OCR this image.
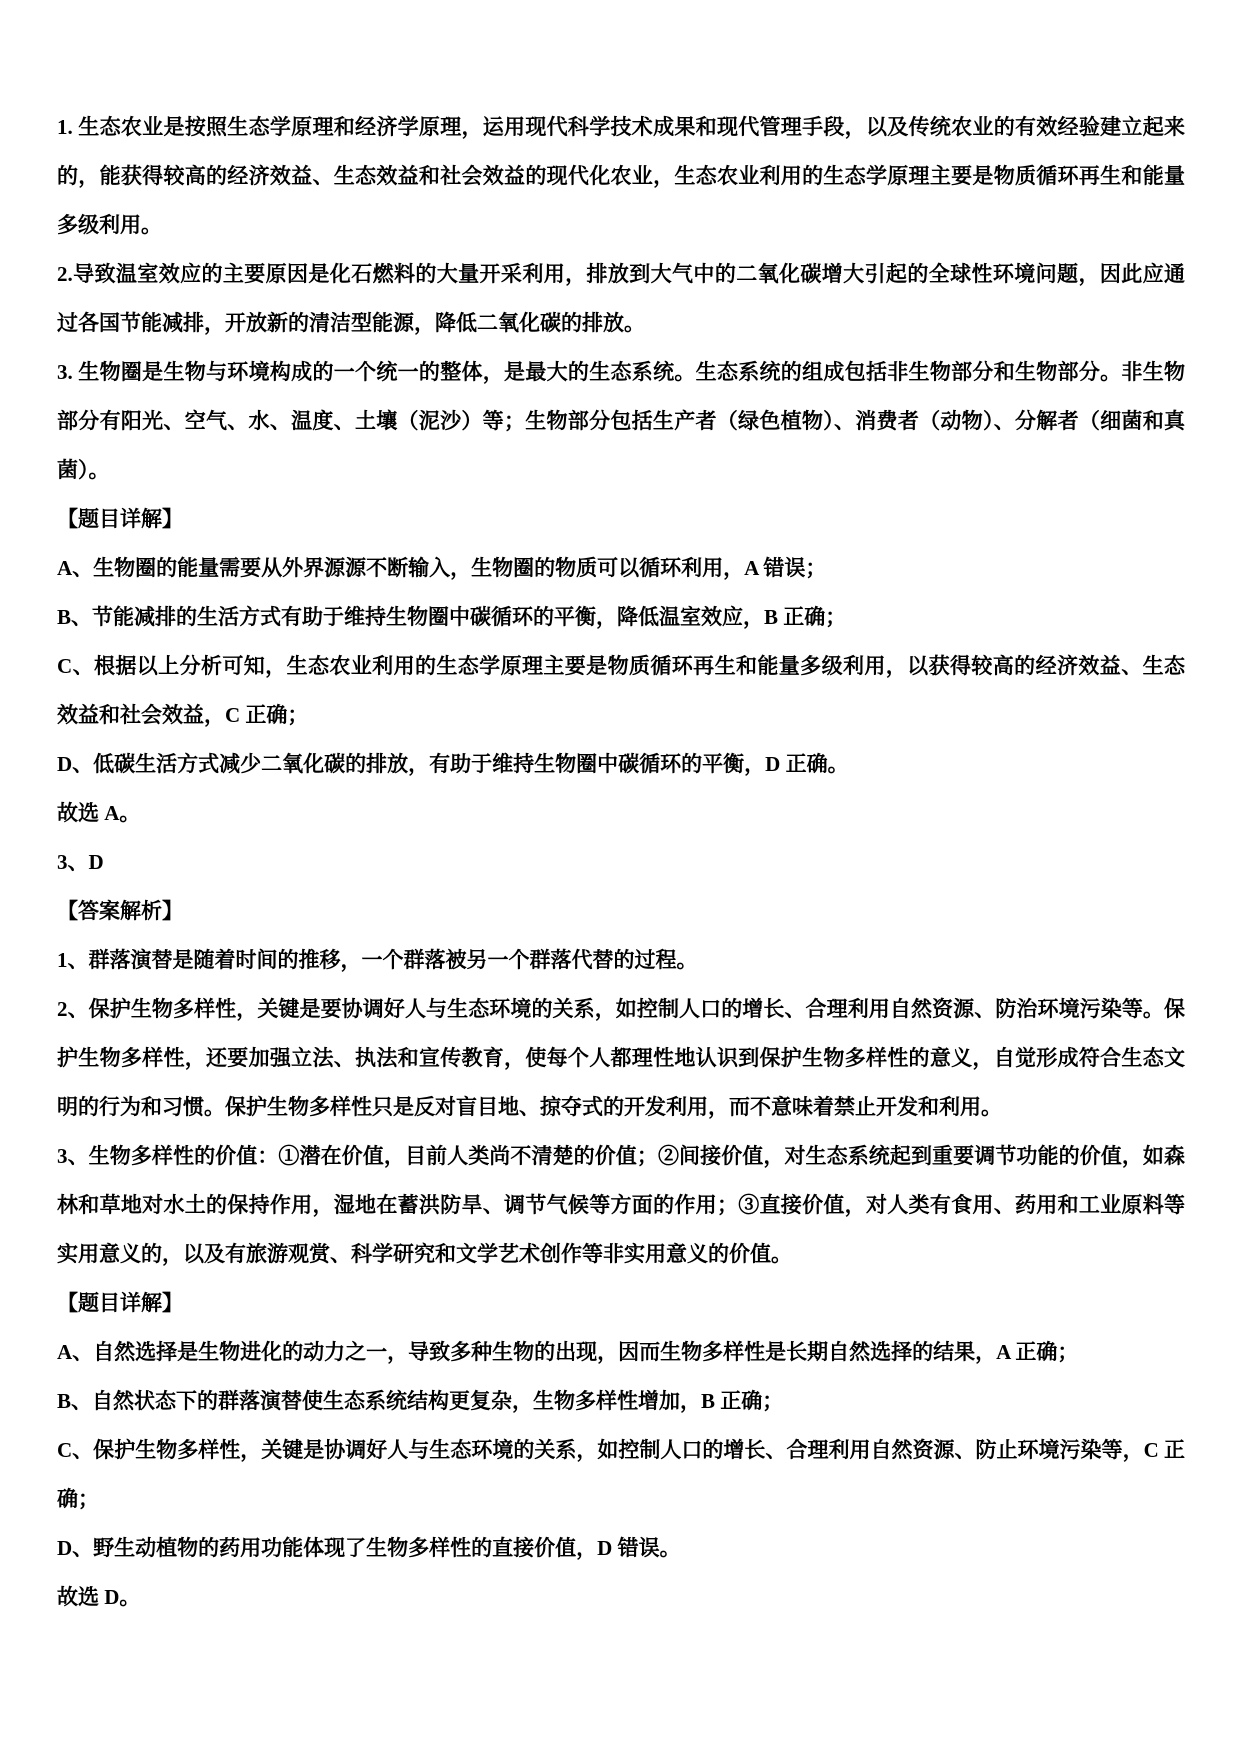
1. 生态农业是按照生态学原理和经济学原理，运用现代科学技术成果和现代管理手段，以及传统农业的有效经验建立起来的，能获得较高的经济效益、生态效益和社会效益的现代化农业，生态农业利用的生态学原理主要是物质循环再生和能量多级利用。

2.导致温室效应的主要原因是化石燃料的大量开采利用，排放到大气中的二氧化碳增大引起的全球性环境问题，因此应通过各国节能减排，开放新的清洁型能源，降低二氧化碳的排放。

3. 生物圈是生物与环境构成的一个统一的整体，是最大的生态系统。生态系统的组成包括非生物部分和生物部分。非生物部分有阳光、空气、水、温度、土壤（泥沙）等；生物部分包括生产者（绿色植物）、消费者（动物）、分解者（细菌和真菌）。

【题目详解】

A、生物圈的能量需要从外界源源不断输入，生物圈的物质可以循环利用，A 错误；

B、节能减排的生活方式有助于维持生物圈中碳循环的平衡，降低温室效应，B 正确；

C、根据以上分析可知，生态农业利用的生态学原理主要是物质循环再生和能量多级利用，以获得较高的经济效益、生态效益和社会效益，C 正确；

D、低碳生活方式减少二氧化碳的排放，有助于维持生物圈中碳循环的平衡，D 正确。

故选 A。

3、D

【答案解析】

1、群落演替是随着时间的推移，一个群落被另一个群落代替的过程。

2、保护生物多样性，关键是要协调好人与生态环境的关系，如控制人口的增长、合理利用自然资源、防治环境污染等。保护生物多样性，还要加强立法、执法和宣传教育，使每个人都理性地认识到保护生物多样性的意义，自觉形成符合生态文明的行为和习惯。保护生物多样性只是反对盲目地、掠夺式的开发利用，而不意味着禁止开发和利用。

3、生物多样性的价值：①潜在价值，目前人类尚不清楚的价值；②间接价值，对生态系统起到重要调节功能的价值，如森林和草地对水土的保持作用，湿地在蓄洪防旱、调节气候等方面的作用；③直接价值，对人类有食用、药用和工业原料等实用意义的，以及有旅游观赏、科学研究和文学艺术创作等非实用意义的价值。

【题目详解】

A、自然选择是生物进化的动力之一，导致多种生物的出现，因而生物多样性是长期自然选择的结果，A 正确；

B、自然状态下的群落演替使生态系统结构更复杂，生物多样性增加，B 正确；

C、保护生物多样性，关键是协调好人与生态环境的关系，如控制人口的增长、合理利用自然资源、防止环境污染等，C 正确；

D、野生动植物的药用功能体现了生物多样性的直接价值，D 错误。

故选 D。
